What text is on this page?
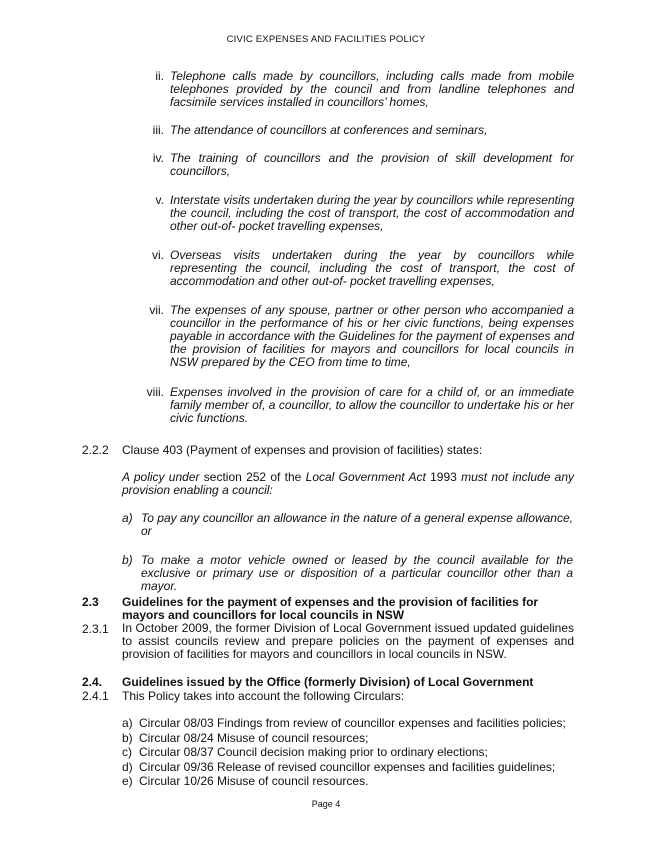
CIVIC EXPENSES AND FACILITIES POLICY
ii. Telephone calls made by councillors, including calls made from mobile telephones provided by the council and from landline telephones and facsimile services installed in councillors’ homes,
iii. The attendance of councillors at conferences and seminars,
iv. The training of councillors and the provision of skill development for councillors,
v. Interstate visits undertaken during the year by councillors while representing the council, including the cost of transport, the cost of accommodation and other out-of- pocket travelling expenses,
vi. Overseas visits undertaken during the year by councillors while representing the council, including the cost of transport, the cost of accommodation and other out-of- pocket travelling expenses,
vii. The expenses of any spouse, partner or other person who accompanied a councillor in the performance of his or her civic functions, being expenses payable in accordance with the Guidelines for the payment of expenses and the provision of facilities for mayors and councillors for local councils in NSW prepared by the CEO from time to time,
viii. Expenses involved in the provision of care for a child of, or an immediate family member of, a councillor, to allow the councillor to undertake his or her civic functions.
2.2.2 Clause 403 (Payment of expenses and provision of facilities) states:
A policy under section 252 of the Local Government Act 1993 must not include any provision enabling a council:
a) To pay any councillor an allowance in the nature of a general expense allowance, or
b) To make a motor vehicle owned or leased by the council available for the exclusive or primary use or disposition of a particular councillor other than a mayor.
2.3 Guidelines for the payment of expenses and the provision of facilities for mayors and councillors for local councils in NSW
2.3.1 In October 2009, the former Division of Local Government issued updated guidelines to assist councils review and prepare policies on the payment of expenses and provision of facilities for mayors and councillors in local councils in NSW.
2.4. Guidelines issued by the Office (formerly Division) of Local Government
2.4.1 This Policy takes into account the following Circulars:
a) Circular 08/03 Findings from review of councillor expenses and facilities policies;
b) Circular 08/24 Misuse of council resources;
c) Circular 08/37 Council decision making prior to ordinary elections;
d) Circular 09/36 Release of revised councillor expenses and facilities guidelines;
e) Circular 10/26 Misuse of council resources.
Page 4
